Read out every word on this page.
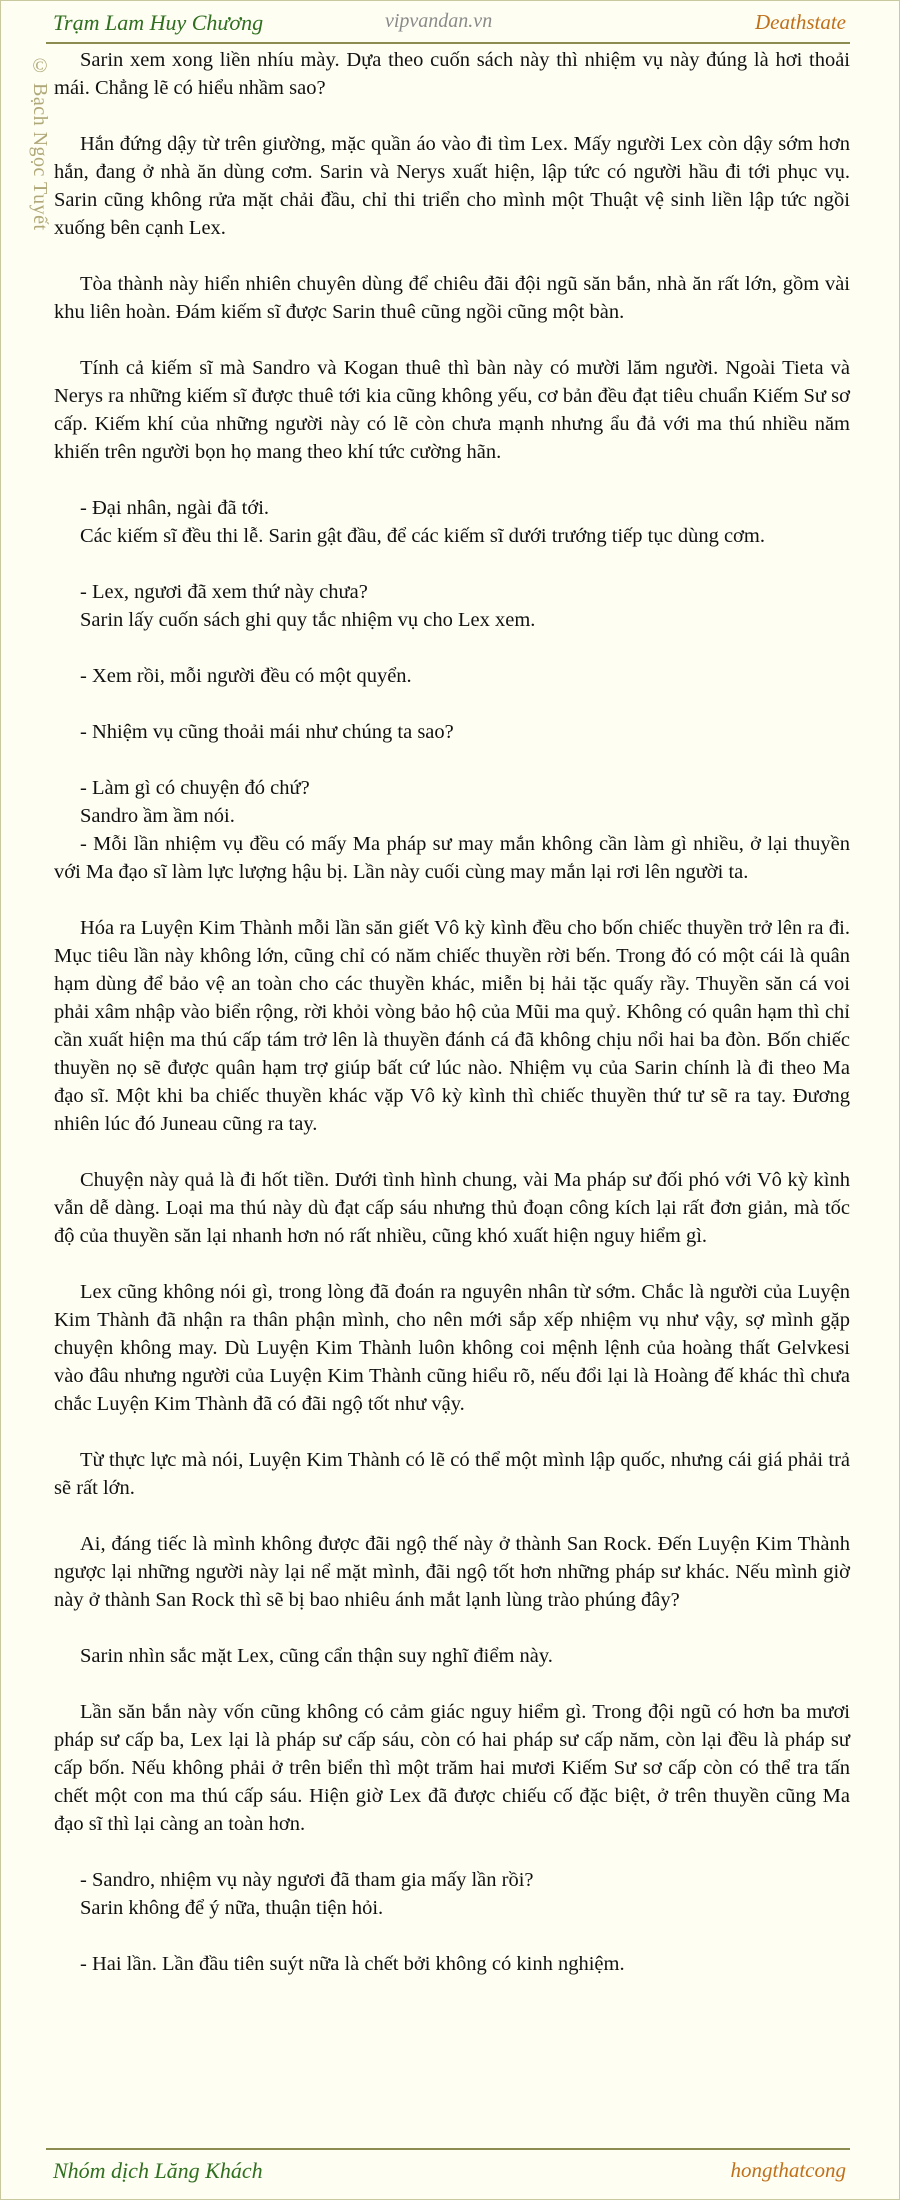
Trạm Lam Huy Chương	vipvandan.vn	Deathstate
© Bạch Ngọc Tuyết	Sarin xem xong liền nhíu mày. Dựa theo cuốn sách này thì nhiệm vụ này đúng là hơi thoải mái. Chẳng lẽ có hiểu nhầm sao?

Hắn đứng dậy từ trên giường, mặc quần áo vào đi tìm Lex. Mấy người Lex còn dậy sớm hơn hắn, đang ở nhà ăn dùng cơm. Sarin và Nerys xuất hiện, lập tức có người hầu đi tới phục vụ. Sarin cũng không rửa mặt chải đầu, chỉ thi triển cho mình một Thuật vệ sinh liền lập tức ngồi xuống bên cạnh Lex.

Tòa thành này hiển nhiên chuyên dùng để chiêu đãi đội ngũ săn bắn, nhà ăn rất lớn, gồm vài khu liên hoàn. Đám kiếm sĩ được Sarin thuê cũng ngồi cũng một bàn.

Tính cả kiếm sĩ mà Sandro và Kogan thuê thì bàn này có mười lăm người. Ngoài Tieta và Nerys ra những kiếm sĩ được thuê tới kia cũng không yếu, cơ bản đều đạt tiêu chuẩn Kiếm Sư sơ cấp. Kiếm khí của những người này có lẽ còn chưa mạnh nhưng ẩu đả với ma thú nhiều năm khiến trên người bọn họ mang theo khí tức cường hãn.

- Đại nhân, ngài đã tới.

Các kiếm sĩ đều thi lễ. Sarin gật đầu, để các kiếm sĩ dưới trướng tiếp tục dùng cơm.

- Lex, ngươi đã xem thứ này chưa?

Sarin lấy cuốn sách ghi quy tắc nhiệm vụ cho Lex xem.

- Xem rồi, mỗi người đều có một quyển.

- Nhiệm vụ cũng thoải mái như chúng ta sao?

- Làm gì có chuyện đó chứ?

Sandro ầm ầm nói.

- Mỗi lần nhiệm vụ đều có mấy Ma pháp sư may mắn không cần làm gì nhiều, ở lại thuyền với Ma đạo sĩ làm lực lượng hậu bị. Lần này cuối cùng may mắn lại rơi lên người ta.

Hóa ra Luyện Kim Thành mỗi lần săn giết Vô kỳ kình đều cho bốn chiếc thuyền trở lên ra đi. Mục tiêu lần này không lớn, cũng chỉ có năm chiếc thuyền rời bến. Trong đó có một cái là quân hạm dùng để bảo vệ an toàn cho các thuyền khác, miễn bị hải tặc quấy rầy. Thuyền săn cá voi phải xâm nhập vào biển rộng, rời khỏi vòng bảo hộ của Mũi ma quỷ. Không có quân hạm thì chỉ cần xuất hiện ma thú cấp tám trở lên là thuyền đánh cá đã không chịu nổi hai ba đòn. Bốn chiếc thuyền nọ sẽ được quân hạm trợ giúp bất cứ lúc nào. Nhiệm vụ của Sarin chính là đi theo Ma đạo sĩ. Một khi ba chiếc thuyền khác vặp Vô kỳ kình thì chiếc thuyền thứ tư sẽ ra tay. Đương nhiên lúc đó Juneau cũng ra tay.

Chuyện này quả là đi hốt tiền. Dưới tình hình chung, vài Ma pháp sư đối phó với Vô kỳ kình vẫn dễ dàng. Loại ma thú này dù đạt cấp sáu nhưng thủ đoạn công kích lại rất đơn giản, mà tốc độ của thuyền săn lại nhanh hơn nó rất nhiều, cũng khó xuất hiện nguy hiểm gì.

Lex cũng không nói gì, trong lòng đã đoán ra nguyên nhân từ sớm. Chắc là người của Luyện Kim Thành đã nhận ra thân phận mình, cho nên mới sắp xếp nhiệm vụ như vậy, sợ mình gặp chuyện không may. Dù Luyện Kim Thành luôn không coi mệnh lệnh của hoàng thất Gelvkesi vào đâu nhưng người của Luyện Kim Thành cũng hiểu rõ, nếu đổi lại là Hoàng đế khác thì chưa chắc Luyện Kim Thành đã có đãi ngộ tốt như vậy.

Từ thực lực mà nói, Luyện Kim Thành có lẽ có thể một mình lập quốc, nhưng cái giá phải trả sẽ rất lớn.

Ai, đáng tiếc là mình không được đãi ngộ thế này ở thành San Rock. Đến Luyện Kim Thành ngược lại những người này lại nể mặt mình, đãi ngộ tốt hơn những pháp sư khác. Nếu mình giờ này ở thành San Rock thì sẽ bị bao nhiêu ánh mắt lạnh lùng trào phúng đây?

Sarin nhìn sắc mặt Lex, cũng cẩn thận suy nghĩ điểm này.

Lần săn bắn này vốn cũng không có cảm giác nguy hiểm gì. Trong đội ngũ có hơn ba mươi pháp sư cấp ba, Lex lại là pháp sư cấp sáu, còn có hai pháp sư cấp năm, còn lại đều là pháp sư cấp bốn. Nếu không phải ở trên biển thì một trăm hai mươi Kiếm Sư sơ cấp còn có thể tra tấn chết một con ma thú cấp sáu. Hiện giờ Lex đã được chiếu cố đặc biệt, ở trên thuyền cũng Ma đạo sĩ thì lại càng an toàn hơn.

- Sandro, nhiệm vụ này ngươi đã tham gia mấy lần rồi?

Sarin không để ý nữa, thuận tiện hỏi.

- Hai lần. Lần đầu tiên suýt nữa là chết bởi không có kinh nghiệm.

Nhóm dịch Lăng Khách	hongthatcong
